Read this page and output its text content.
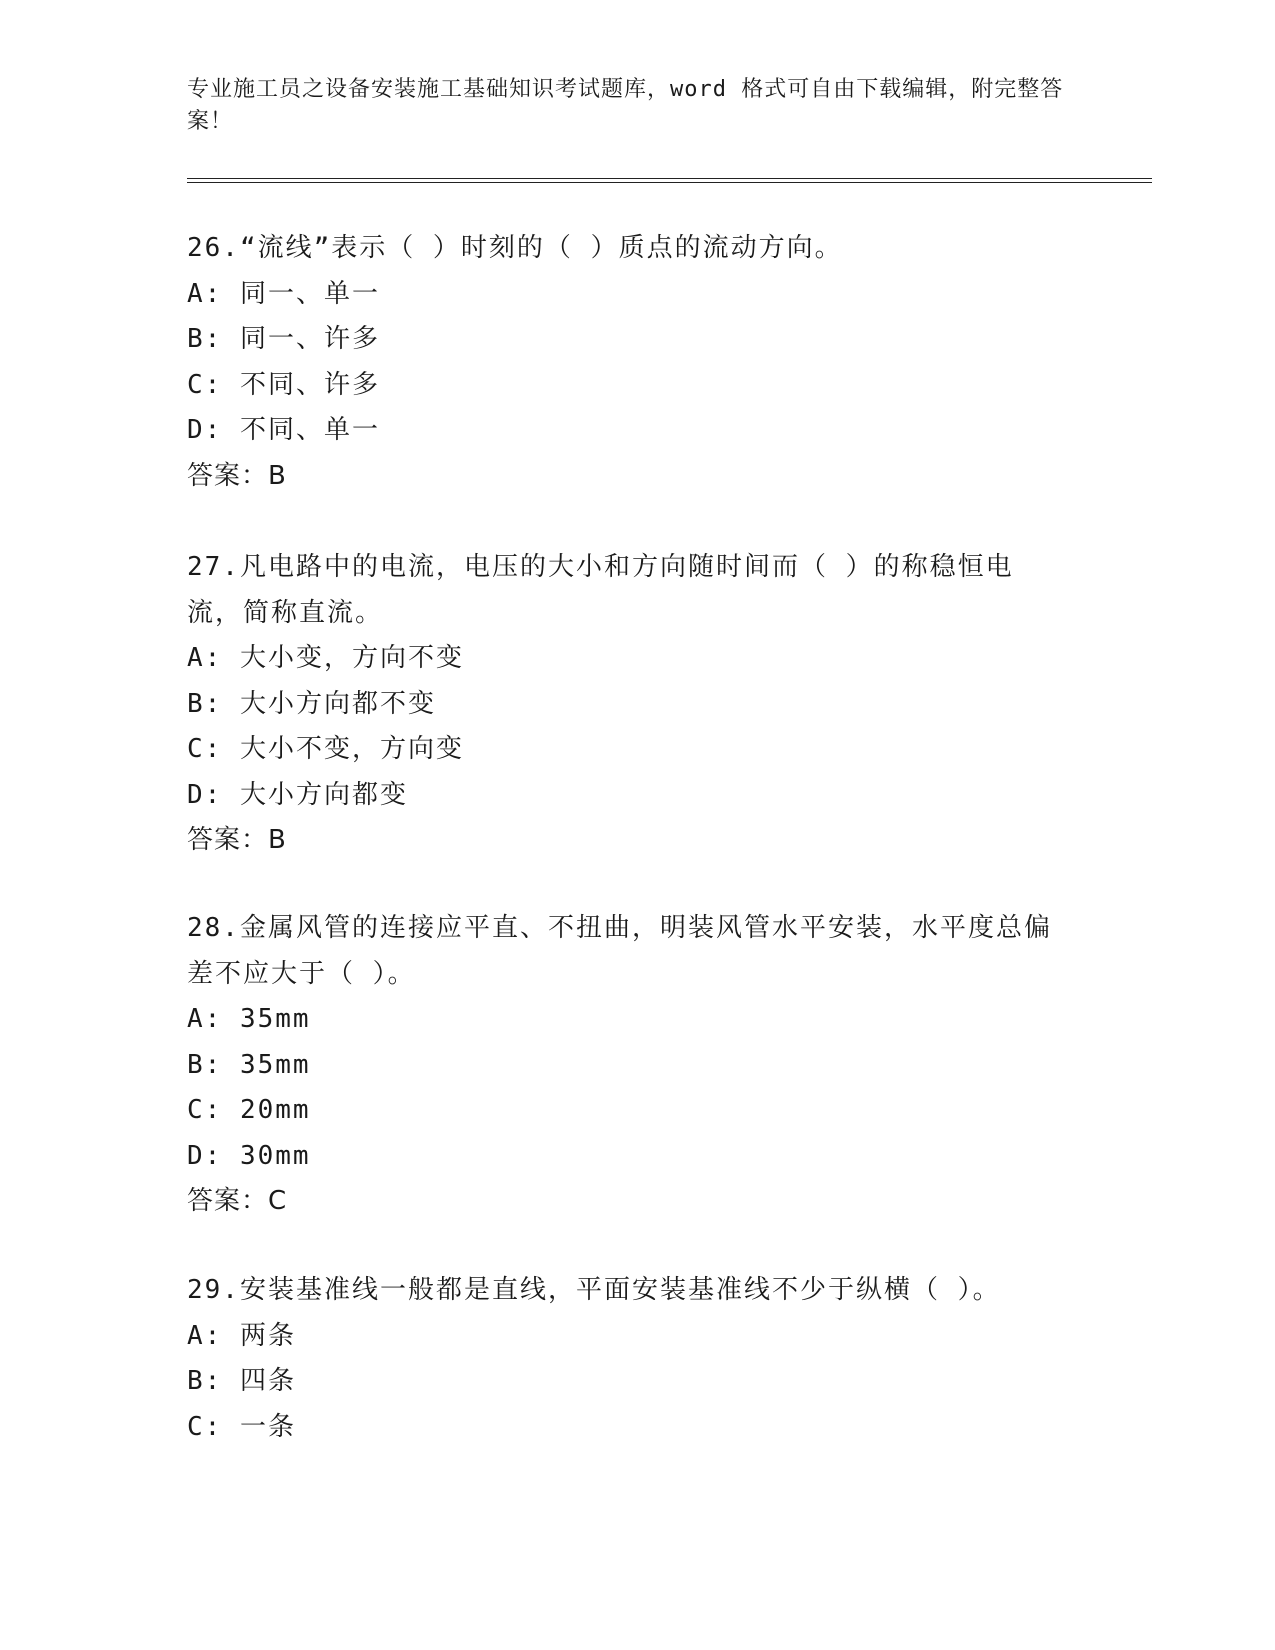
专业施工员之设备安装施工基础知识考试题库，word 格式可自由下载编辑，附完整答案！
26.“流线”表示（ ）时刻的（ ）质点的流动方向。
A: 同一、单一
B: 同一、许多
C: 不同、许多
D: 不同、单一
答案：B
27.凡电路中的电流，电压的大小和方向随时间而（ ）的称稳恒电流，简称直流。
A: 大小变，方向不变
B: 大小方向都不变
C: 大小不变，方向变
D: 大小方向都变
答案：B
28.金属风管的连接应平直、不扭曲，明装风管水平安装，水平度总偏差不应大于（ ）。
A: 35mm
B: 35mm
C: 20mm
D: 30mm
答案：C
29.安装基准线一般都是直线，平面安装基准线不少于纵横（ ）。
A: 两条
B: 四条
C: 一条
